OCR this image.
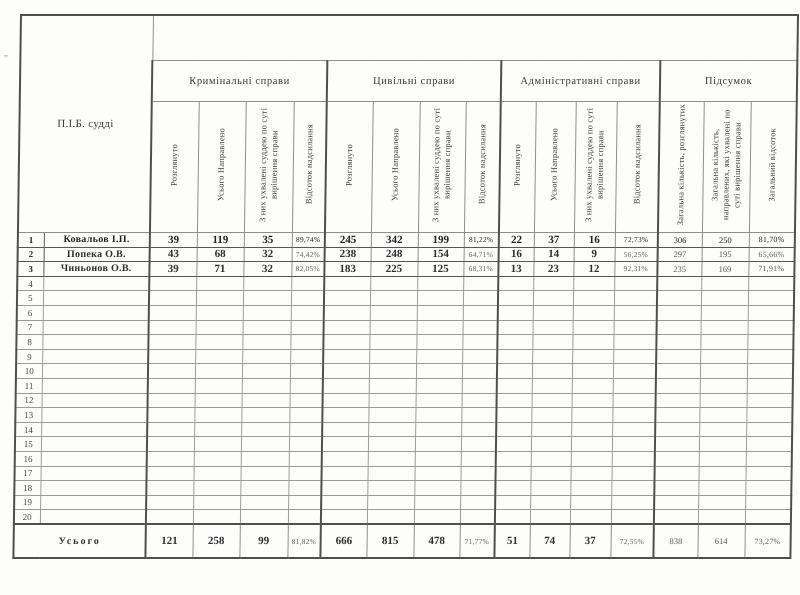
„
П.І.Б. судді																
		Кримінальні справи				Цивільні справи				Адміністративні справи				Підсумок		
		Розглянуто	Усього Направлено	З них ухвалені суддею по суті вирішення справи	Відсоток надсилання	Розглянуто	Усього Направлено	З них ухвалені суддею по суті вирішення справи	Відсоток надсилання	Розглянуто	Усього Направлено	З них ухвалені суддею по суті вирішення справи	Відсоток надсилання	Загальна кількість, розглянутих	Загальна кількість, направлених, які ухвалені по суті вирішення справи	Загальний відсоток
1	Ковальов І.П.	39	119	35	89,74%	245	342	199	81,22%	22	37	16	72,73%	306	250	81,70%
2	Попека О.В.	43	68	32	74,42%	238	248	154	64,71%	16	14	9	56,25%	297	195	65,66%
3	Чиньонов О.В.	39	71	32	82,05%	183	225	125	68,31%	13	23	12	92,31%	235	169	71,91%
4																
5																
6																
7																
8																
9																
10																
11																
12																
13																
14																
15																
16																
17																
18																
19																
20																
Усього		121	258	99	81,82%	666	815	478	71,77%	51	74	37	72,55%	838	614	73,27%
